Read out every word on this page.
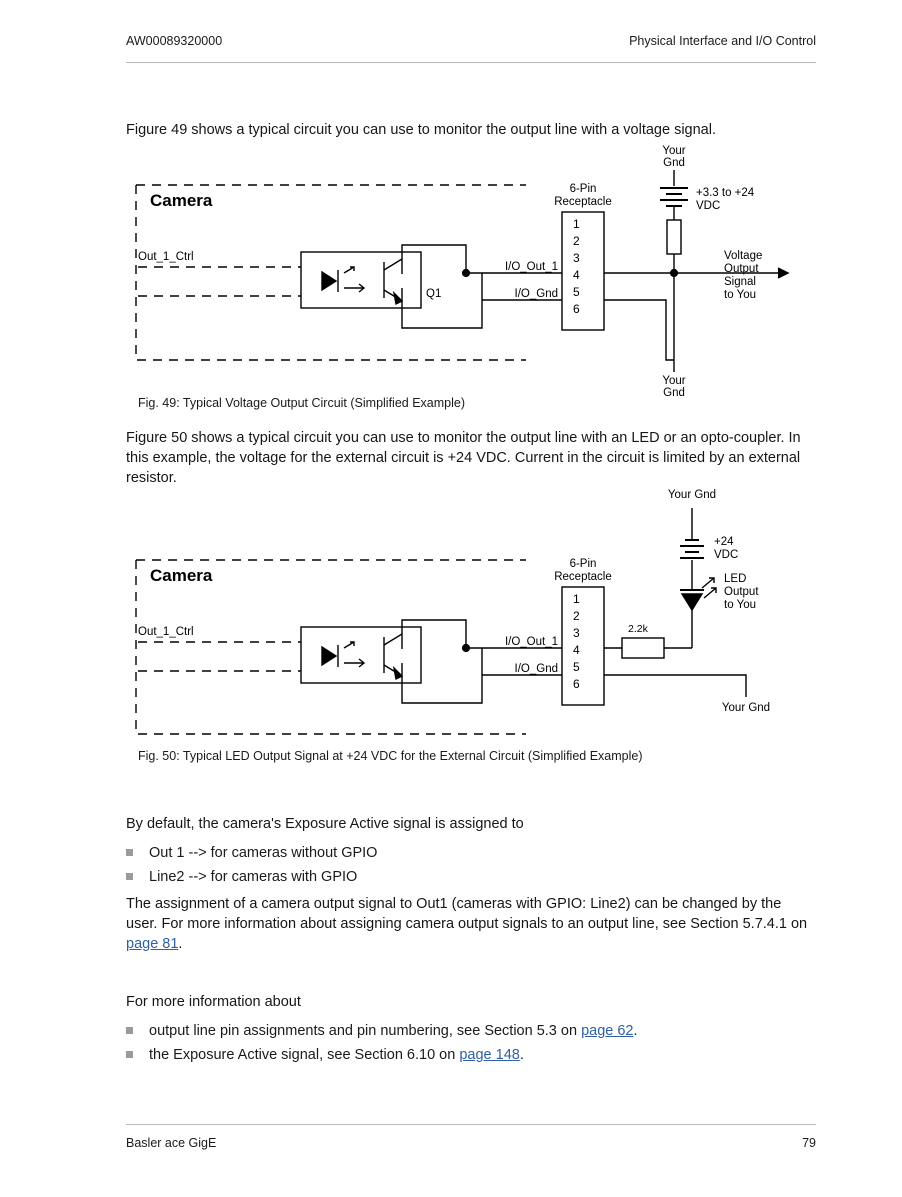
AW00089320000	Physical Interface and I/O Control
Figure 49 shows a typical circuit you can use to monitor the output line with a voltage signal.
Camera
Out_1_Ctrl
Q1
I/O_Out_1
I/O_Gnd
6-Pin
Receptacle
1
2
3
4
5
6
Your
Gnd
+3.3 to +24
VDC
Voltage
Output
Signal
to You
Your
Gnd
Fig. 49: Typical Voltage Output Circuit (Simplified Example)
Figure 50 shows a typical circuit you can use to monitor the output line with an LED or an opto-coupler. In this example, the voltage for the external circuit is +24 VDC. Current in the circuit is limited by an external resistor.
Camera
Out_1_Ctrl
I/O_Out_1
I/O_Gnd
6-Pin
Receptacle
1
2
3
4
5
6
Your Gnd
+24
VDC
2.2k
LED
Output
to You
Your Gnd
Fig. 50: Typical LED Output Signal at +24 VDC for the External Circuit (Simplified Example)
By default, the camera's Exposure Active signal is assigned to
Out 1 --> for cameras without GPIO
Line2 --> for cameras with GPIO
The assignment of a camera output signal to Out1 (cameras with GPIO: Line2) can be changed by the user. For more information about assigning camera output signals to an output line, see Section 5.7.4.1 on page 81.
For more information about
output line pin assignments and pin numbering, see Section 5.3 on page 62.
the Exposure Active signal, see Section 6.10 on page 148.
Basler ace GigE	79
